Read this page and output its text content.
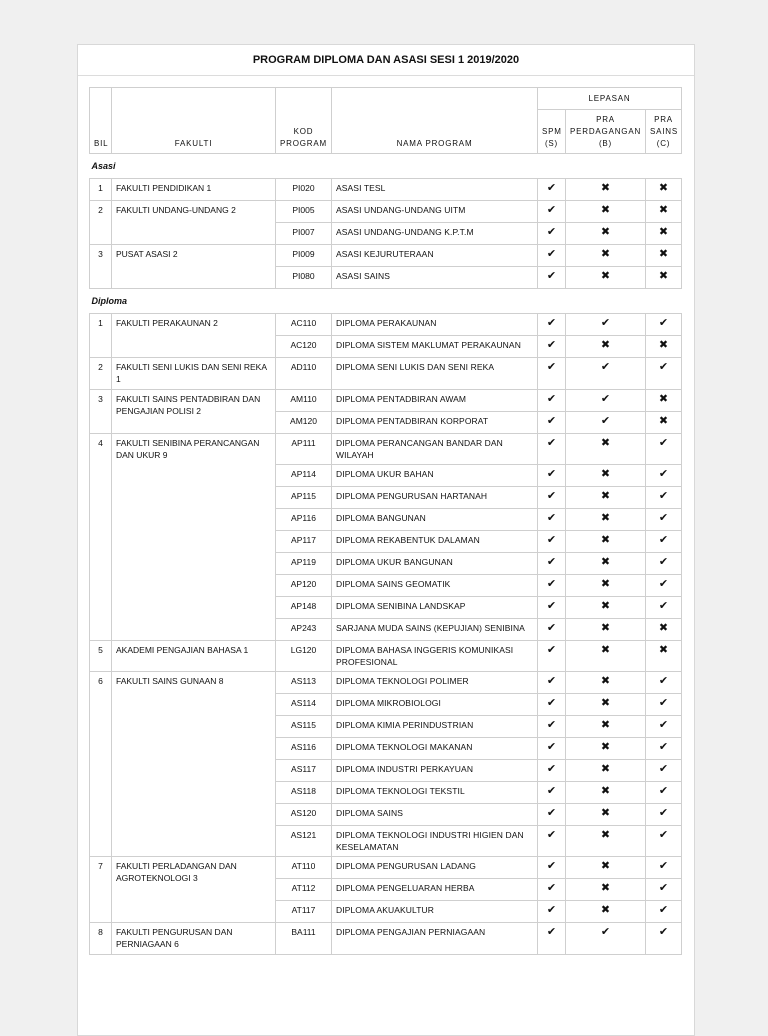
PROGRAM DIPLOMA DAN ASASI SESI 1 2019/2020
BIL	FAKULTI	KOD PROGRAM	NAMA PROGRAM	LEPASAN		
				SPM (S)	PRA PERDAGANGAN (B)	PRA SAINS (C)
Asasi						
1	FAKULTI PENDIDIKAN 1	PI020	ASASI TESL	✔	✖	✖
2	FAKULTI UNDANG-UNDANG 2	PI005	ASASI UNDANG-UNDANG UITM	✔	✖	✖
		PI007	ASASI UNDANG-UNDANG K.P.T.M	✔	✖	✖
3	PUSAT ASASI 2	PI009	ASASI KEJURUTERAAN	✔	✖	✖
		PI080	ASASI SAINS	✔	✖	✖
Diploma						
1	FAKULTI PERAKAUNAN 2	AC110	DIPLOMA PERAKAUNAN	✔	✔	✔
		AC120	DIPLOMA SISTEM MAKLUMAT PERAKAUNAN	✔	✖	✖
2	FAKULTI SENI LUKIS DAN SENI REKA 1	AD110	DIPLOMA SENI LUKIS DAN SENI REKA	✔	✔	✔
3	FAKULTI SAINS PENTADBIRAN DAN PENGAJIAN POLISI 2	AM110	DIPLOMA PENTADBIRAN AWAM	✔	✔	✖
		AM120	DIPLOMA PENTADBIRAN KORPORAT	✔	✔	✖
4	FAKULTI SENIBINA PERANCANGAN DAN UKUR 9	AP111	DIPLOMA PERANCANGAN BANDAR DAN WILAYAH	✔	✖	✔
		AP114	DIPLOMA UKUR BAHAN	✔	✖	✔
		AP115	DIPLOMA PENGURUSAN HARTANAH	✔	✖	✔
		AP116	DIPLOMA BANGUNAN	✔	✖	✔
		AP117	DIPLOMA REKABENTUK DALAMAN	✔	✖	✔
		AP119	DIPLOMA UKUR BANGUNAN	✔	✖	✔
		AP120	DIPLOMA SAINS GEOMATIK	✔	✖	✔
		AP148	DIPLOMA SENIBINA LANDSKAP	✔	✖	✔
		AP243	SARJANA MUDA SAINS (KEPUJIAN) SENIBINA	✔	✖	✖
5	AKADEMI PENGAJIAN BAHASA 1	LG120	DIPLOMA BAHASA INGGERIS KOMUNIKASI PROFESIONAL	✔	✖	✖
6	FAKULTI SAINS GUNAAN 8	AS113	DIPLOMA TEKNOLOGI POLIMER	✔	✖	✔
		AS114	DIPLOMA MIKROBIOLOGI	✔	✖	✔
		AS115	DIPLOMA KIMIA PERINDUSTRIAN	✔	✖	✔
		AS116	DIPLOMA TEKNOLOGI MAKANAN	✔	✖	✔
		AS117	DIPLOMA INDUSTRI PERKAYUAN	✔	✖	✔
		AS118	DIPLOMA TEKNOLOGI TEKSTIL	✔	✖	✔
		AS120	DIPLOMA SAINS	✔	✖	✔
		AS121	DIPLOMA TEKNOLOGI INDUSTRI HIGIEN DAN KESELAMATAN	✔	✖	✔
7	FAKULTI PERLADANGAN DAN AGROTEKNOLOGI 3	AT110	DIPLOMA PENGURUSAN LADANG	✔	✖	✔
		AT112	DIPLOMA PENGELUARAN HERBA	✔	✖	✔
		AT117	DIPLOMA AKUAKULTUR	✔	✖	✔
8	FAKULTI PENGURUSAN DAN PERNIAGAAN 6	BA111	DIPLOMA PENGAJIAN PERNIAGAAN	✔	✔	✔
